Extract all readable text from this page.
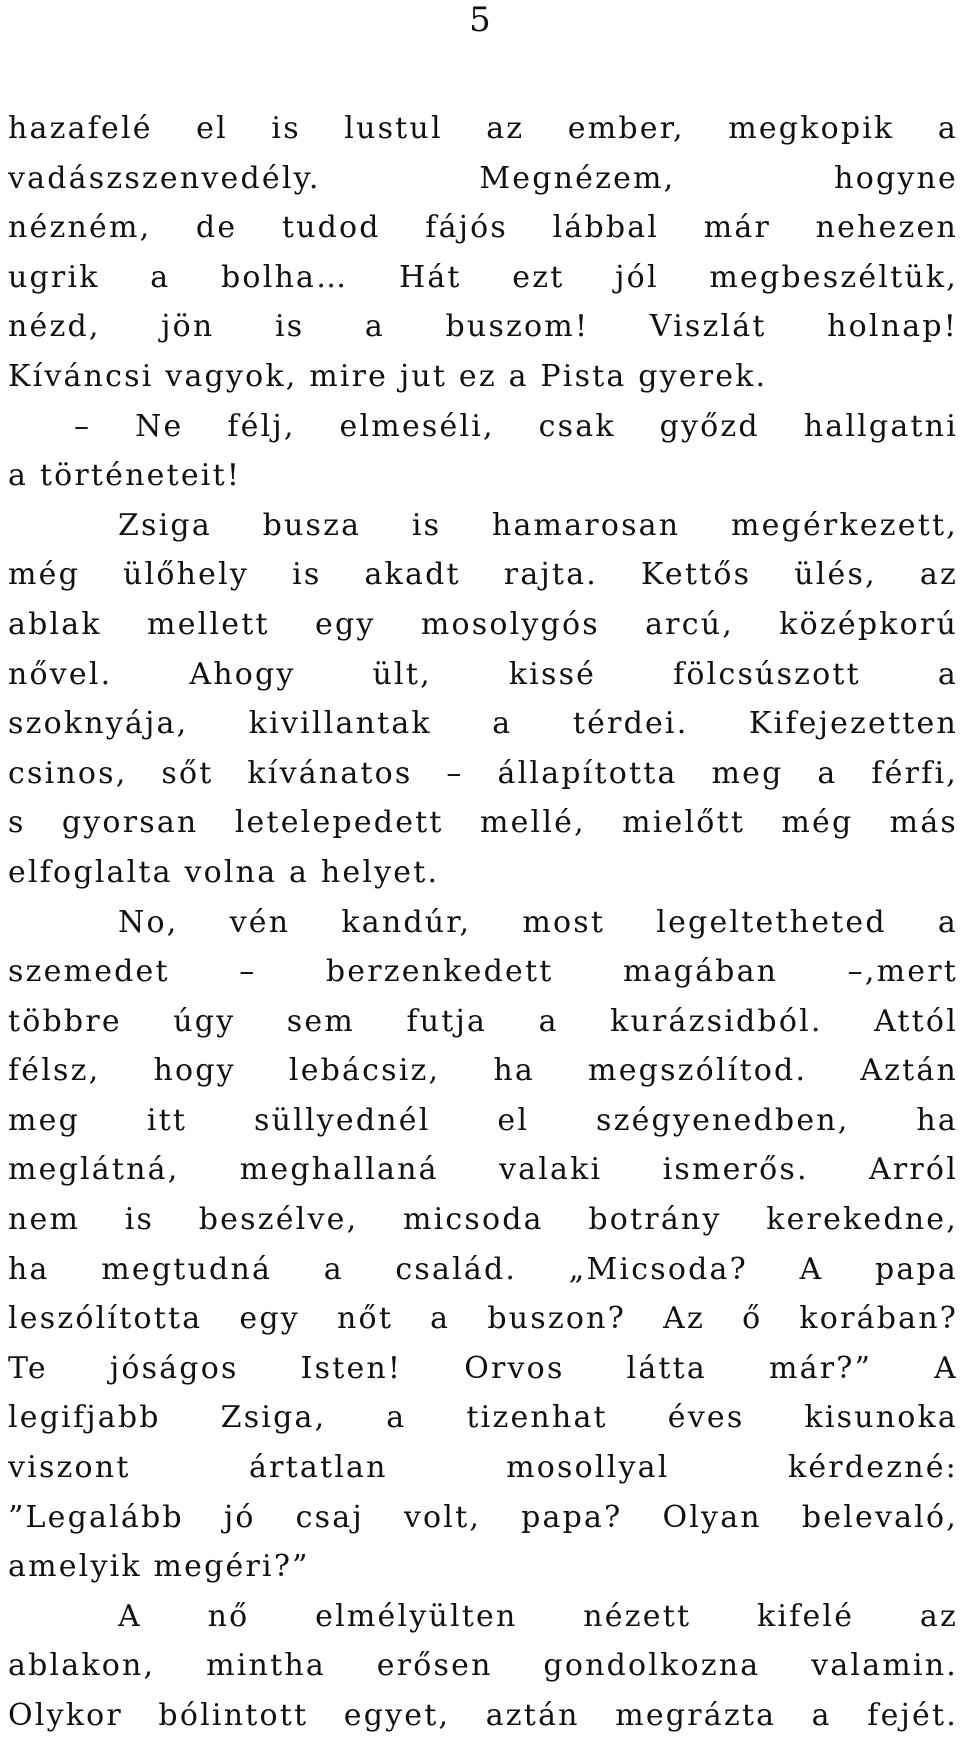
5

hazafelé el is lustul az ember, megkopik a
vadászszenvedély. Megnézem, hogyne
nézném, de tudod fájós lábbal már nehezen
ugrik a bolha… Hát ezt jól megbeszéltük,
nézd, jön is a buszom! Viszlát holnap!
Kíváncsi vagyok, mire jut ez a Pista gyerek.
– Ne félj, elmeséli, csak győzd hallgatni
a történeteit!
Zsiga busza is hamarosan megérkezett,
még ülőhely is akadt rajta. Kettős ülés, az
ablak mellett egy mosolygós arcú, középkorú
nővel. Ahogy ült, kissé fölcsúszott a
szoknyája, kivillantak a térdei. Kifejezetten
csinos, sőt kívánatos – állapította meg a férfi,
s gyorsan letelepedett mellé, mielőtt még más
elfoglalta volna a helyet.
No, vén kandúr, most legeltetheted a
szemedet – berzenkedett magában –,mert
többre úgy sem futja a kurázsidból. Attól
félsz, hogy lebácsiz, ha megszólítod. Aztán
meg itt süllyednél el szégyenedben, ha
meglátná, meghallaná valaki ismerős. Arról
nem is beszélve, micsoda botrány kerekedne,
ha megtudná a család. „Micsoda? A papa
leszólította egy nőt a buszon? Az ő korában?
Te jóságos Isten! Orvos látta már?” A
legifjabb Zsiga, a tizenhat éves kisunoka
viszont ártatlan mosollyal kérdezné:
”Legalább jó csaj volt, papa? Olyan belevaló,
amelyik megéri?”
A nő elmélyülten nézett kifelé az
ablakon, mintha erősen gondolkozna valamin.
Olykor bólintott egyet, aztán megrázta a fejét.
